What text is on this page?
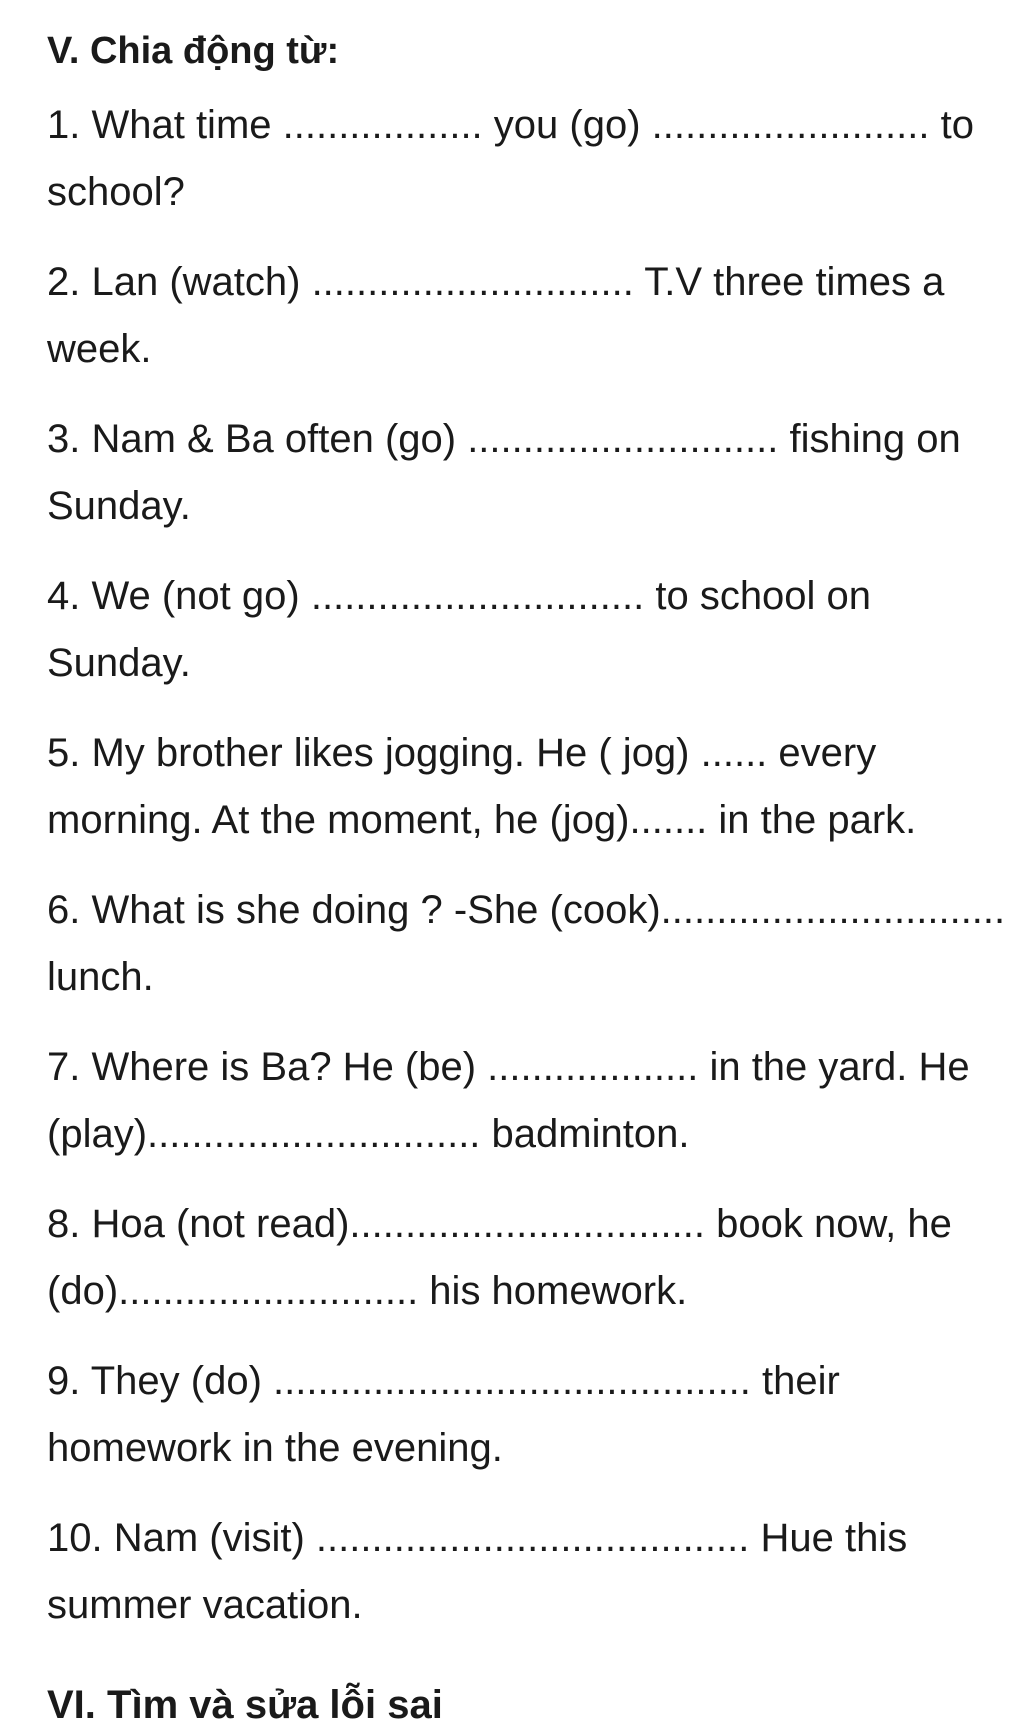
V. Chia động từ:
1. What time .................. you (go) ......................... to school?
2. Lan (watch) ............................. T.V three times a week.
3. Nam & Ba often (go) ............................ fishing on Sunday.
4. We (not go) .............................. to school on Sunday.
5. My brother likes jogging. He ( jog) ...... every morning. At the moment, he (jog)....... in the park.
6. What is she doing ? -She (cook)............................... lunch.
7. Where is Ba? He (be) ................... in the yard. He (play).............................. badminton.
8. Hoa (not read)................................ book now, he (do)........................... his homework.
9. They (do) ........................................... their homework in the evening.
10. Nam (visit) ....................................... Hue this summer vacation.
VI. Tìm và sửa lỗi sai
